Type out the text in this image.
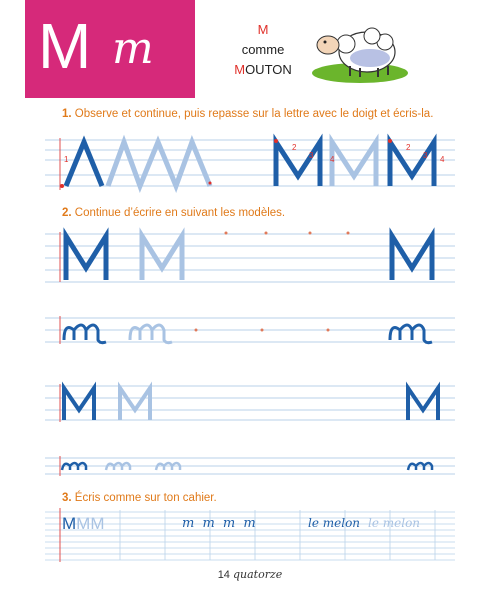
M m	M
comme
MOUTON
1. Observe et continue, puis repasse sur la lettre avec le doigt et écris-la.
2. Continue d’écrire en suivant les modèles.
3. Écris comme sur ton cahier.
1
2
3 4
2
3 4
MMM	m m m m	le melon le melon
14 quatorze
